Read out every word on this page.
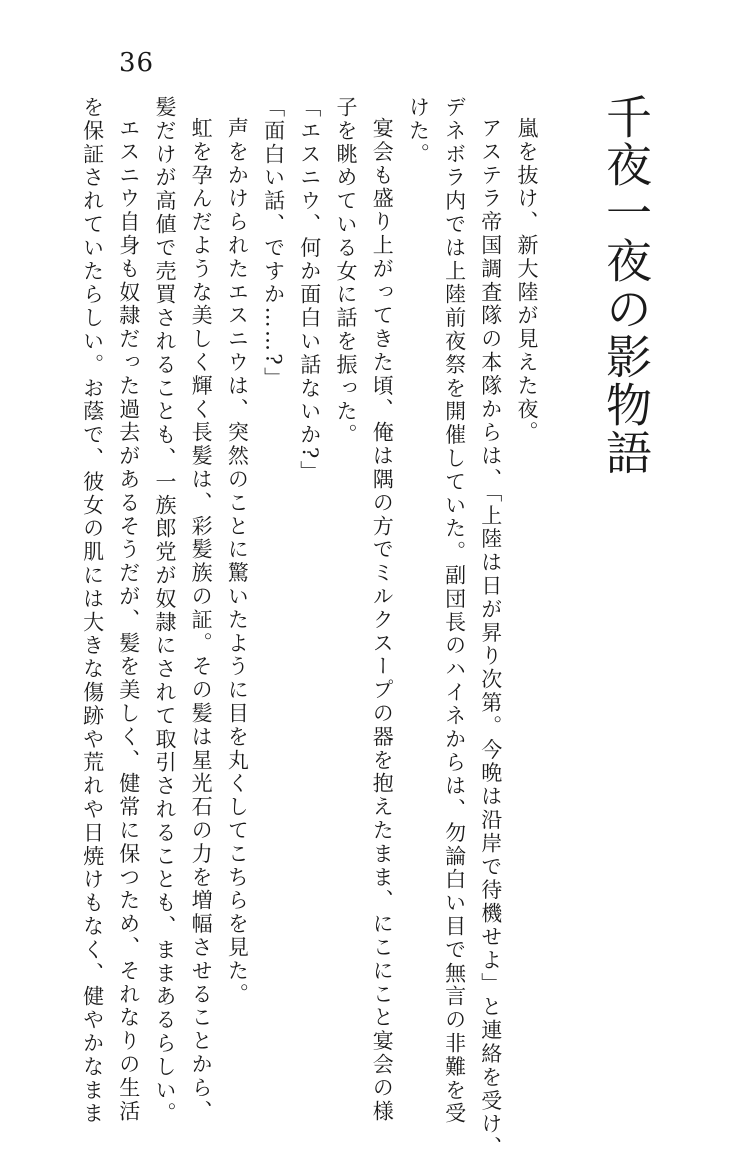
36
千夜一夜の影物語
嵐を抜け、新大陸が見えた夜。
アステラ帝国調査隊の本隊からは、「上陸は日が昇り次第。今晩は沿岸で待機せよ」と連絡を受け、
デネボラ内では上陸前夜祭を開催していた。副団長のハイネからは、勿論白い目で無言の非難を受
けた。
宴会も盛り上がってきた頃、俺は隅の方でミルクスープの器を抱えたまま、にこにこと宴会の様
子を眺めている女に話を振った。
「エスニウ、何か面白い話ないか?」
「面白い話、ですか……?」
声をかけられたエスニウは、突然のことに驚いたように目を丸くしてこちらを見た。
虹を孕んだような美しく輝く長髪は、彩髪族の証。その髪は星光石の力を増幅させることから、
髪だけが高値で売買されることも、一族郎党が奴隷にされて取引されることも、ままあるらしい。
エスニウ自身も奴隷だった過去があるそうだが、髪を美しく、健常に保つため、それなりの生活
を保証されていたらしい。お蔭で、彼女の肌には大きな傷跡や荒れや日焼けもなく、健やかなまま
